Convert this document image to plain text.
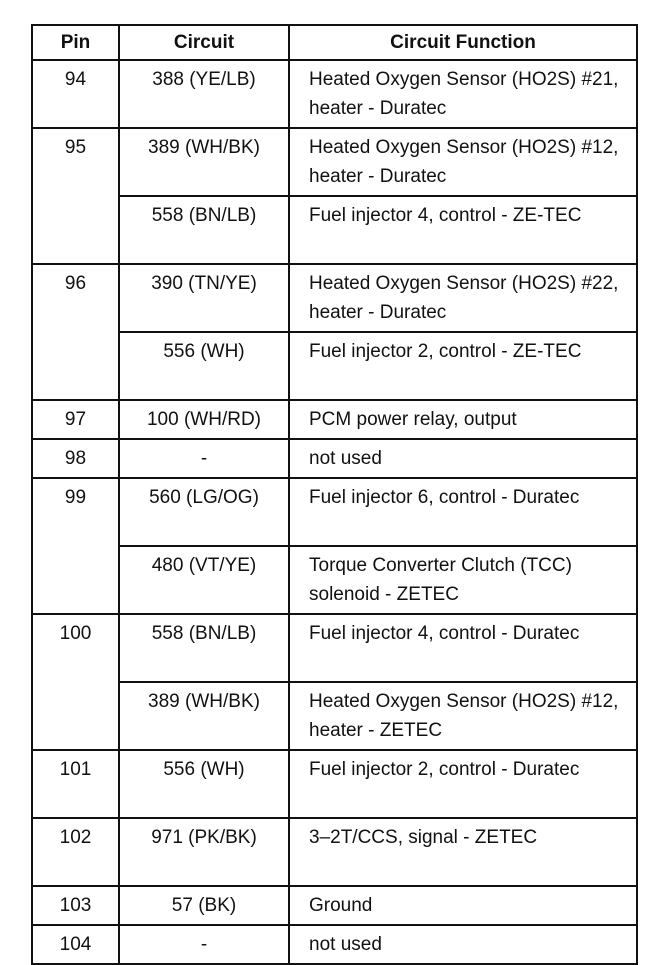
Pin	Circuit	Circuit Function
94	388 (YE/LB)	Heated Oxygen Sensor (HO2S) #21, heater - Duratec
95	389 (WH/BK)	Heated Oxygen Sensor (HO2S) #12, heater - Duratec
	558 (BN/LB)	Fuel injector 4, control - ZE-TEC
96	390 (TN/YE)	Heated Oxygen Sensor (HO2S) #22, heater - Duratec
	556 (WH)	Fuel injector 2, control - ZE-TEC
97	100 (WH/RD)	PCM power relay, output
98	-	not used
99	560 (LG/OG)	Fuel injector 6, control - Duratec
	480 (VT/YE)	Torque Converter Clutch (TCC) solenoid - ZETEC
100	558 (BN/LB)	Fuel injector 4, control - Duratec
	389 (WH/BK)	Heated Oxygen Sensor (HO2S) #12, heater - ZETEC
101	556 (WH)	Fuel injector 2, control - Duratec
102	971 (PK/BK)	3–2T/CCS, signal - ZETEC
103	57 (BK)	Ground
104	-	not used
